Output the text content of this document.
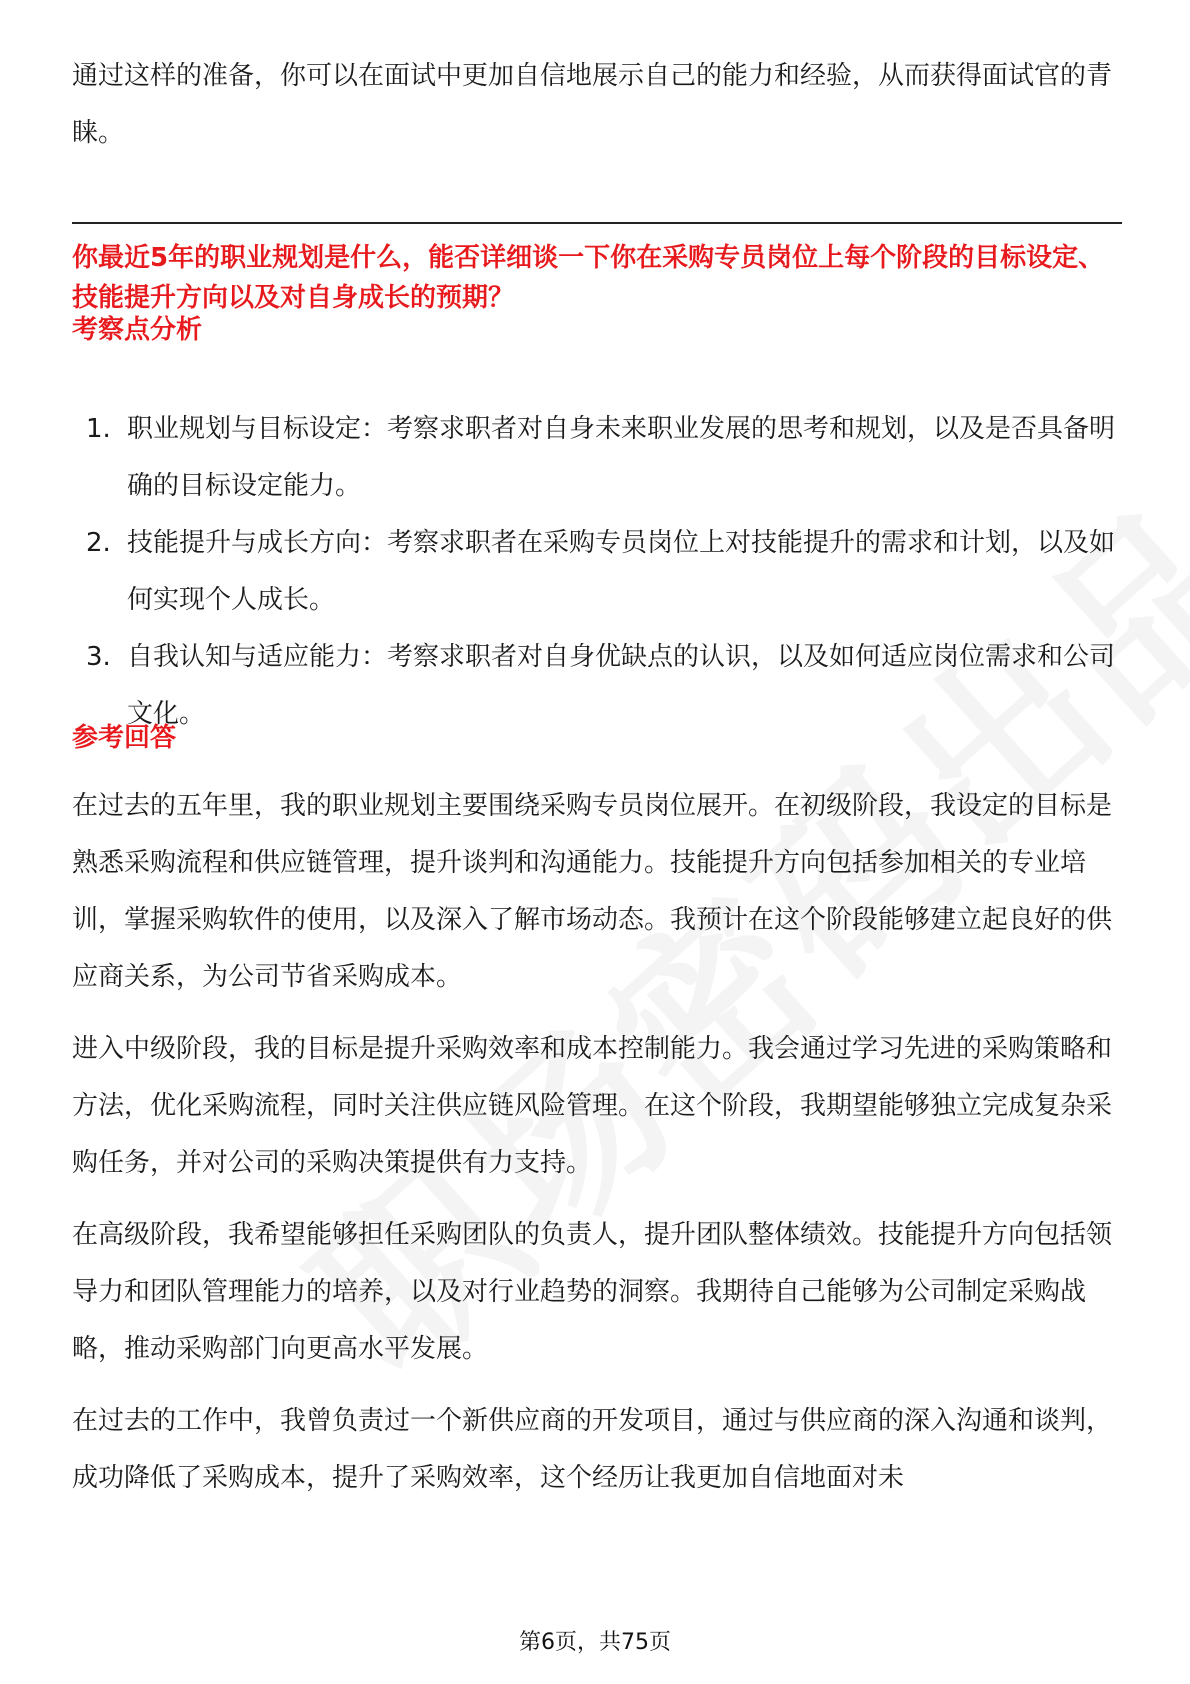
通过这样的准备，你可以在面试中更加自信地展示自己的能力和经验，从而获得面试官的青睐。

你最近5年的职业规划是什么，能否详细谈一下你在采购专员岗位上每个阶段的目标设定、技能提升方向以及对自身成长的预期？

考察点分析
1. 职业规划与目标设定：考察求职者对自身未来职业发展的思考和规划，以及是否具备明确的目标设定能力。
2. 技能提升与成长方向：考察求职者在采购专员岗位上对技能提升的需求和计划，以及如何实现个人成长。
3. 自我认知与适应能力：考察求职者对自身优缺点的认识，以及如何适应岗位需求和公司文化。
参考回答

在过去的五年里，我的职业规划主要围绕采购专员岗位展开。在初级阶段，我设定的目标是熟悉采购流程和供应链管理，提升谈判和沟通能力。技能提升方向包括参加相关的专业培训，掌握采购软件的使用，以及深入了解市场动态。我预计在这个阶段能够建立起良好的供应商关系，为公司节省采购成本。

进入中级阶段，我的目标是提升采购效率和成本控制能力。我会通过学习先进的采购策略和方法，优化采购流程，同时关注供应链风险管理。在这个阶段，我期望能够独立完成复杂采购任务，并对公司的采购决策提供有力支持。

在高级阶段，我希望能够担任采购团队的负责人，提升团队整体绩效。技能提升方向包括领导力和团队管理能力的培养，以及对行业趋势的洞察。我期待自己能够为公司制定采购战略，推动采购部门向更高水平发展。

在过去的工作中，我曾负责过一个新供应商的开发项目，通过与供应商的深入沟通和谈判，成功降低了采购成本，提升了采购效率，这个经历让我更加自信地面对未

第6页，共75页
